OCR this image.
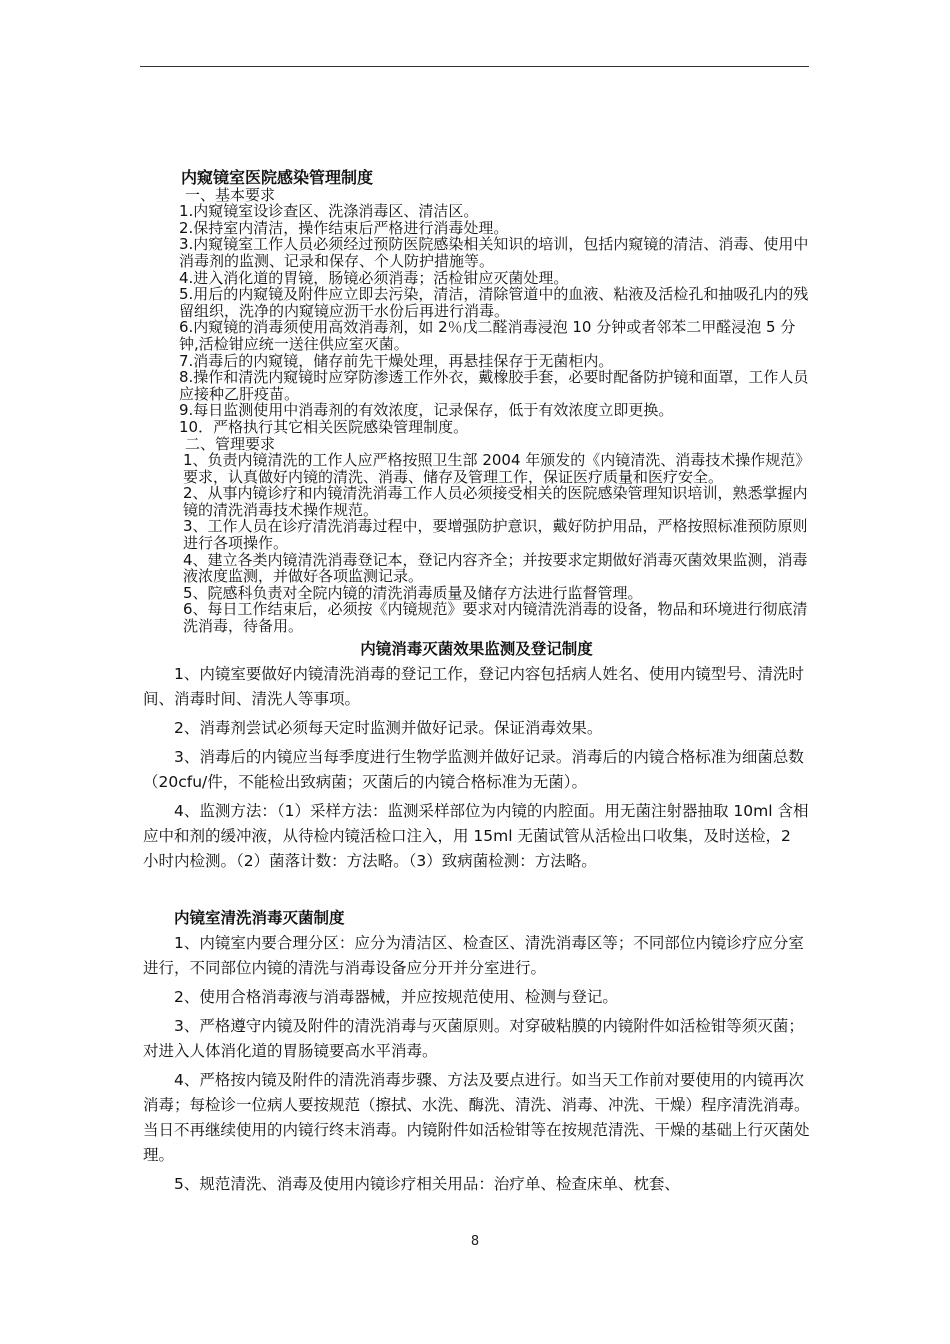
内窥镜室医院感染管理制度

一、基本要求

1.内窥镜室设诊查区、洗涤消毒区、清洁区。

2.保持室内清洁，操作结束后严格进行消毒处理。

3.内窥镜室工作人员必须经过预防医院感染相关知识的培训，包括内窥镜的清洁、消毒、使用中消毒剂的监测、记录和保存、个人防护措施等。

4.进入消化道的胃镜，肠镜必须消毒；活检钳应灭菌处理。

5.用后的内窥镜及附件应立即去污染，清洁，清除管道中的血液、粘液及活检孔和抽吸孔内的残留组织，洗净的内窥镜应沥干水份后再进行消毒。

6.内窥镜的消毒须使用高效消毒剂，如 2％戊二醛消毒浸泡 10 分钟或者邻苯二甲醛浸泡 5 分钟,活检钳应统一送往供应室灭菌。

7.消毒后的内窥镜，储存前先干燥处理，再悬挂保存于无菌柜内。

8.操作和清洗内窥镜时应穿防渗透工作外衣，戴橡胶手套，必要时配备防护镜和面罩，工作人员应接种乙肝疫苗。

9.每日监测使用中消毒剂的有效浓度，记录保存，低于有效浓度立即更换。

10．严格执行其它相关医院感染管理制度。

二、管理要求

1、负责内镜清洗的工作人应严格按照卫生部 2004 年颁发的《内镜清洗、消毒技术操作规范》要求，认真做好内镜的清洗、消毒、储存及管理工作，保证医疗质量和医疗安全。

2、从事内镜诊疗和内镜清洗消毒工作人员必须接受相关的医院感染管理知识培训，熟悉掌握内镜的清洗消毒技术操作规范。

3、工作人员在诊疗清洗消毒过程中，要增强防护意识，戴好防护用品，严格按照标准预防原则进行各项操作。

4、建立各类内镜清洗消毒登记本，登记内容齐全；并按要求定期做好消毒灭菌效果监测，消毒液浓度监测，并做好各项监测记录。

5、院感科负责对全院内镜的清洗消毒质量及储存方法进行监督管理。

6、每日工作结束后，必须按《内镜规范》要求对内镜清洗消毒的设备，物品和环境进行彻底清洗消毒，待备用。

内镜消毒灭菌效果监测及登记制度

1、内镜室要做好内镜清洗消毒的登记工作，登记内容包括病人姓名、使用内镜型号、清洗时间、消毒时间、清洗人等事项。

2、消毒剂尝试必须每天定时监测并做好记录。保证消毒效果。

3、消毒后的内镜应当每季度进行生物学监测并做好记录。消毒后的内镜合格标准为细菌总数（20cfu/件，不能检出致病菌；灭菌后的内镜合格标准为无菌）。

4、监测方法：（1）采样方法：监测采样部位为内镜的内腔面。用无菌注射器抽取 10ml 含相应中和剂的缓冲液，从待检内镜活检口注入，用 15ml 无菌试管从活检出口收集，及时送检，2 小时内检测。（2）菌落计数：方法略。（3）致病菌检测：方法略。

内镜室清洗消毒灭菌制度

1、内镜室内要合理分区：应分为清洁区、检查区、清洗消毒区等；不同部位内镜诊疗应分室进行，不同部位内镜的清洗与消毒设备应分开并分室进行。

2、使用合格消毒液与消毒器械，并应按规范使用、检测与登记。

3、严格遵守内镜及附件的清洗消毒与灭菌原则。对穿破粘膜的内镜附件如活检钳等须灭菌；对进入人体消化道的胃肠镜要高水平消毒。

4、严格按内镜及附件的清洗消毒步骤、方法及要点进行。如当天工作前对要使用的内镜再次消毒；每检诊一位病人要按规范（擦拭、水洗、酶洗、清洗、消毒、冲洗、干燥）程序清洗消毒。当日不再继续使用的内镜行终末消毒。内镜附件如活检钳等在按规范清洗、干燥的基础上行灭菌处理。

5、规范清洗、消毒及使用内镜诊疗相关用品：治疗单、检查床单、枕套、

8
